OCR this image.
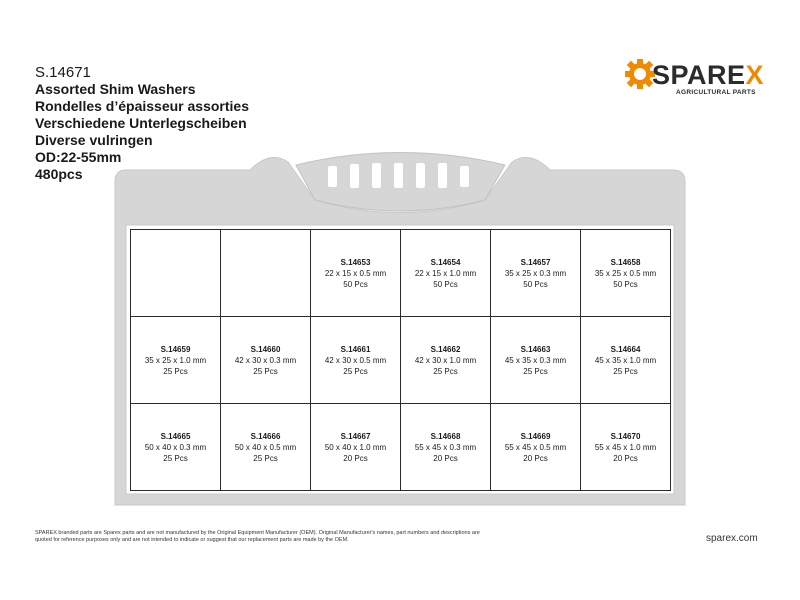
S.14671
Assorted Shim Washers
Rondelles d’épaisseur assorties
Verschiedene Unterlegscheiben
Diverse vulringen
OD:22-55mm
480pcs
SPAREX
AGRICULTURAL PARTS
S.14653
22 x 15 x 0.5 mm
50 Pcs
S.14654
22 x 15 x 1.0 mm
50 Pcs
S.14657
35 x 25 x 0.3 mm
50 Pcs
S.14658
35 x 25 x 0.5 mm
50 Pcs
S.14659
35 x 25 x 1.0 mm
25 Pcs
S.14660
42 x 30 x 0.3 mm
25 Pcs
S.14661
42 x 30 x 0.5 mm
25 Pcs
S.14662
42 x 30 x 1.0 mm
25 Pcs
S.14663
45 x 35 x 0.3 mm
25 Pcs
S.14664
45 x 35 x 1.0 mm
25 Pcs
S.14665
50 x 40 x 0.3 mm
25 Pcs
S.14666
50 x 40 x 0.5 mm
25 Pcs
S.14667
50 x 40 x 1.0 mm
20 Pcs
S.14668
55 x 45 x 0.3 mm
20 Pcs
S.14669
55 x 45 x 0.5 mm
20 Pcs
S.14670
55 x 45 x 1.0 mm
20 Pcs
SPAREX branded parts are Sparex parts and are not manufactured by the Original Equipment Manufacturer (OEM). Original Manufacturer's names, part numbers and descriptions are quoted for reference purposes only and are not intended to indicate or suggest that our replacement parts are made by the OEM.	sparex.com
